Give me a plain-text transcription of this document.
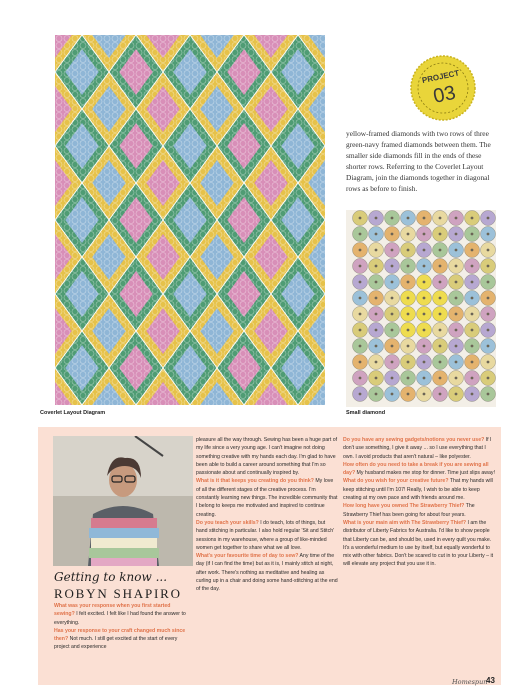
PROJECT
03
yellow-framed diamonds with two rows of three green-navy framed diamonds between them. The smaller side diamonds fill in the ends of these shorter rows. Referring to the Coverlet Layout Diagram, join the diamonds together in diagonal rows as before to finish.
Coverlet Layout Diagram	Small diamond
Getting to know ...
ROBYN SHAPIRO

What was your response when you first started sewing? I felt excited. I felt like I had found the answer to everything.

Has your response to your craft changed much since then? Not much. I still get excited at the start of every project and experience

pleasure all the way through. Sewing has been a huge part of my life since a very young age. I can't imagine not doing something creative with my hands each day. I'm glad to have been able to build a career around something that I'm so passionate about and continually inspired by.

What is it that keeps you creating do you think? My love of all the different stages of the creative process. I'm constantly learning new things. The incredible community that I belong to keeps me motivated and inspired to continue creating.

Do you teach your skills? I do teach, lots of things, but hand stitching in particular. I also hold regular 'Sit and Stitch' sessions in my warehouse, where a group of like-minded women get together to share what we all love.

What's your favourite time of day to sew? Any time of the day (if I can find the time) but as it is, I mainly stitch at night, after work. There's nothing as meditative and healing as curling up in a chair and doing some hand-stitching at the end of the day.

Do you have any sewing gadgets/notions you never use? If I don't use something, I give it away ... so I use everything that I own. I avoid products that aren't natural – like polyester.

How often do you need to take a break if you are sewing all day? My husband makes me stop for dinner. Time just slips away!

What do you wish for your creative future? That my hands will keep stitching until I'm 107! Really, I wish to be able to keep creating at my own pace and with friends around me.

How long have you owned The Strawberry Thief? The Strawberry Thief has been going for about four years.

What is your main aim with The Strawberry Thief? I am the distributor of Liberty Fabrics for Australia. I'd like to show people that Liberty can be, and should be, used in every quilt you make. It's a wonderful medium to use by itself, but equally wonderful to mix with other fabrics. Don't be scared to cut in to your Liberty – it will elevate any project that you use it in.

Homespun
43
